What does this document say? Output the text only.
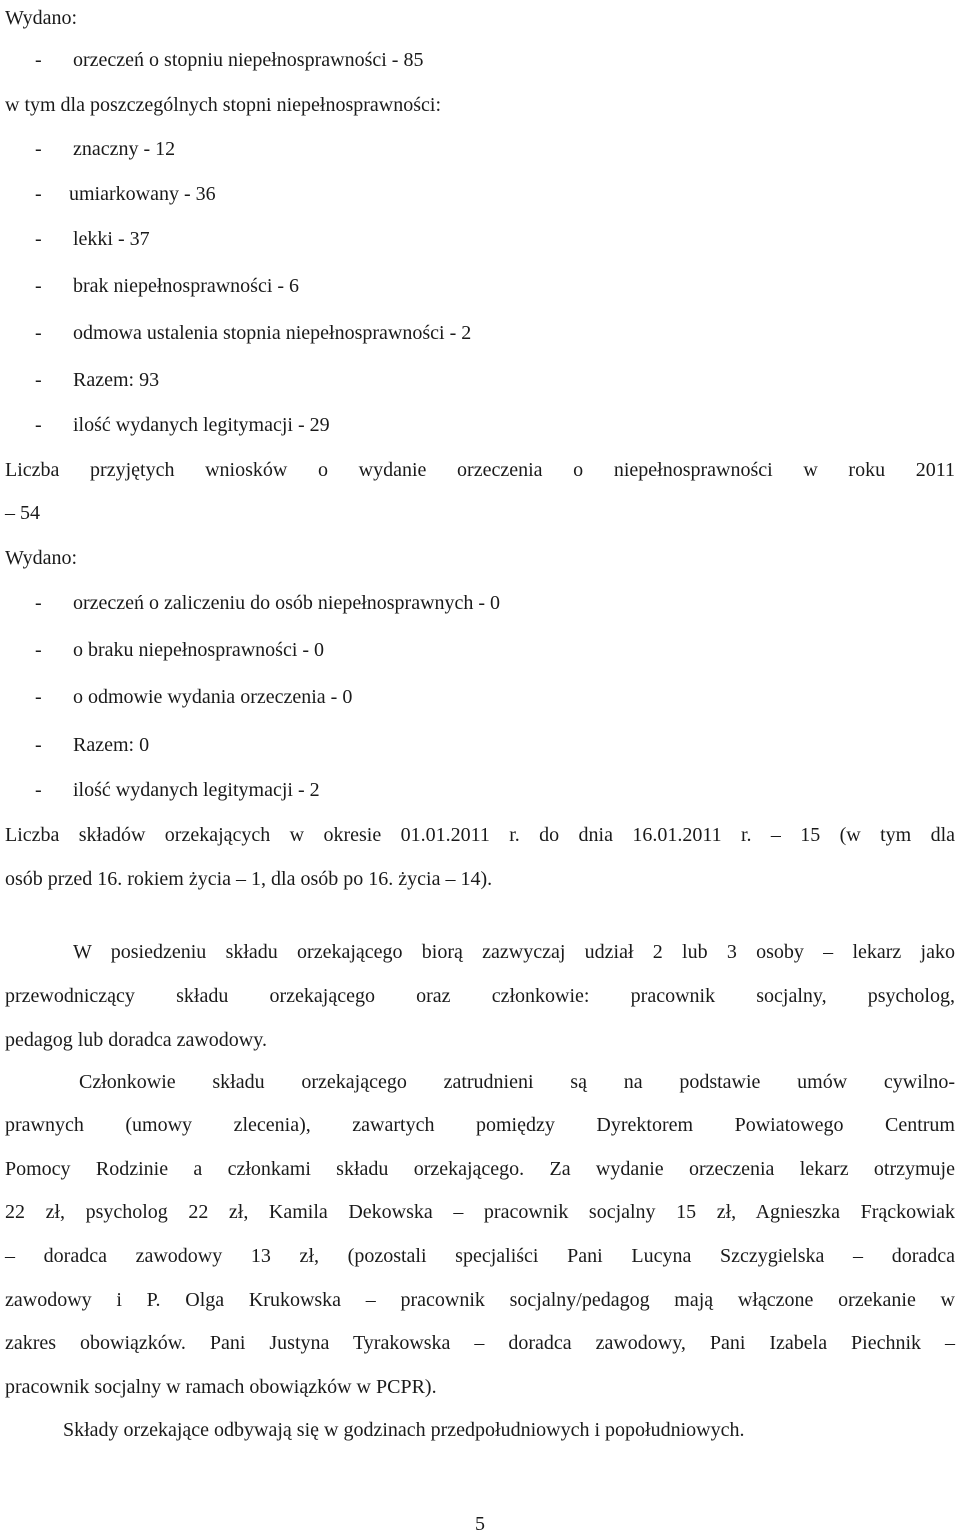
Wydano:
-	orzeczeń o stopniu niepełnosprawności - 85
w tym dla poszczególnych stopni niepełnosprawności:
-	znaczny - 12
-	umiarkowany - 36
-	lekki - 37
-	brak niepełnosprawności - 6
-	odmowa ustalenia stopnia niepełnosprawności - 2
-	Razem: 93
-	ilość wydanych legitymacji - 29
Liczba przyjętych wniosków o wydanie orzeczenia o niepełnosprawności w roku 2011
– 54
Wydano:
-	orzeczeń o zaliczeniu do osób niepełnosprawnych - 0
-	o braku niepełnosprawności - 0
-	o odmowie wydania orzeczenia - 0
-	Razem: 0
-	ilość wydanych legitymacji - 2
Liczba składów orzekających w okresie 01.01.2011 r. do dnia 16.01.2011 r. – 15 (w tym dla
osób przed 16. rokiem życia – 1, dla osób po 16. życia – 14).
W posiedzeniu składu orzekającego biorą zazwyczaj udział 2 lub 3 osoby – lekarz jako
przewodniczący składu orzekającego oraz członkowie: pracownik socjalny, psycholog,
pedagog lub doradca zawodowy.
Członkowie składu orzekającego zatrudnieni są na podstawie umów cywilno-
prawnych (umowy zlecenia), zawartych pomiędzy Dyrektorem Powiatowego Centrum
Pomocy Rodzinie a członkami składu orzekającego. Za wydanie orzeczenia lekarz otrzymuje
22 zł, psycholog 22 zł, Kamila Dekowska – pracownik socjalny 15 zł, Agnieszka Frąckowiak
– doradca zawodowy 13 zł, (pozostali specjaliści Pani Lucyna Szczygielska – doradca
zawodowy i P. Olga Krukowska – pracownik socjalny/pedagog mają włączone orzekanie w
zakres obowiązków. Pani Justyna Tyrakowska – doradca zawodowy, Pani Izabela Piechnik –
pracownik socjalny w ramach obowiązków w PCPR).
Składy orzekające odbywają się w godzinach przedpołudniowych i popołudniowych.
5
